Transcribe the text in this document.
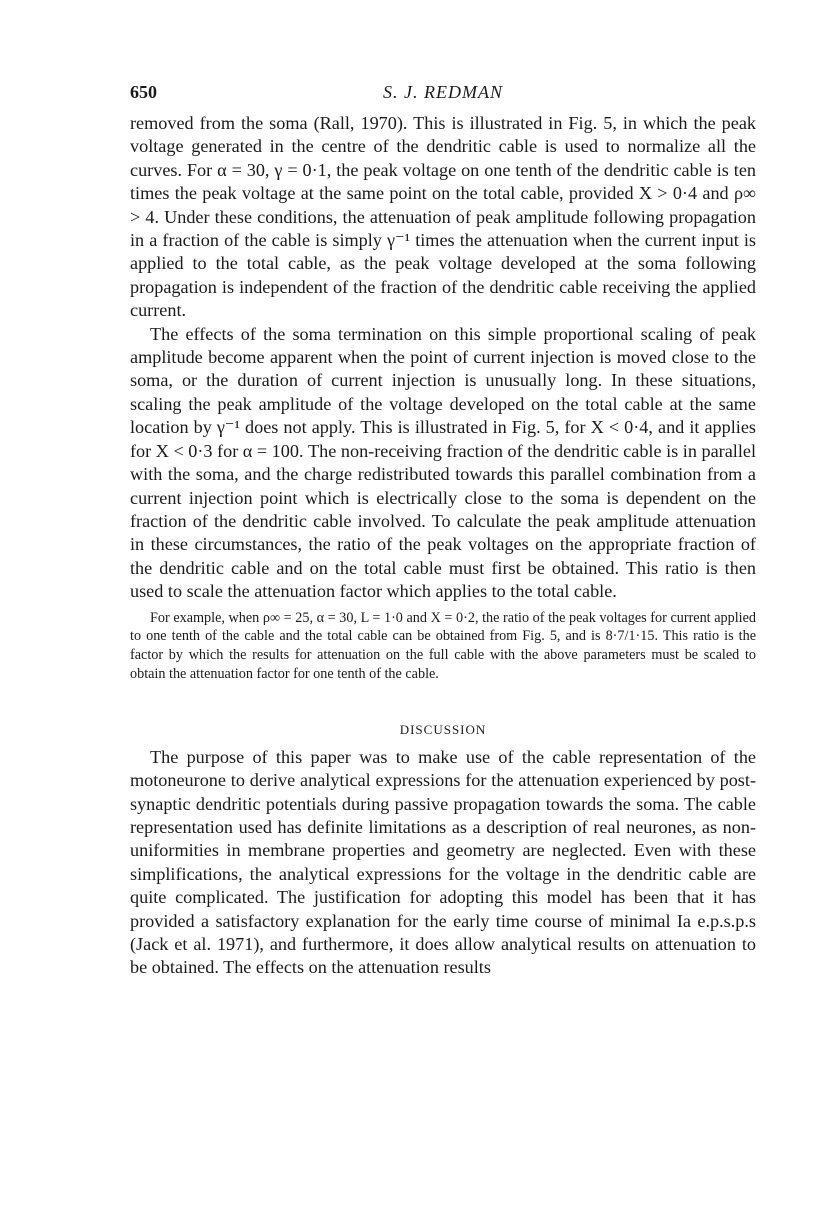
650	S. J. REDMAN

removed from the soma (Rall, 1970). This is illustrated in Fig. 5, in which the peak voltage generated in the centre of the dendritic cable is used to normalize all the curves. For α = 30, γ = 0·1, the peak voltage on one tenth of the dendritic cable is ten times the peak voltage at the same point on the total cable, provided X > 0·4 and ρ∞ > 4. Under these conditions, the attenuation of peak amplitude following propagation in a fraction of the cable is simply γ⁻¹ times the attenuation when the current input is applied to the total cable, as the peak voltage developed at the soma following propagation is independent of the fraction of the dendritic cable receiving the applied current.

The effects of the soma termination on this simple proportional scaling of peak amplitude become apparent when the point of current injection is moved close to the soma, or the duration of current injection is unusually long. In these situations, scaling the peak amplitude of the voltage developed on the total cable at the same location by γ⁻¹ does not apply. This is illustrated in Fig. 5, for X < 0·4, and it applies for X < 0·3 for α = 100. The non-receiving fraction of the dendritic cable is in parallel with the soma, and the charge redistributed towards this parallel combination from a current injection point which is electrically close to the soma is dependent on the fraction of the dendritic cable involved. To calculate the peak amplitude attenuation in these circumstances, the ratio of the peak voltages on the appropriate fraction of the dendritic cable and on the total cable must first be obtained. This ratio is then used to scale the attenuation factor which applies to the total cable.

For example, when ρ∞ = 25, α = 30, L = 1·0 and X = 0·2, the ratio of the peak voltages for current applied to one tenth of the cable and the total cable can be obtained from Fig. 5, and is 8·7/1·15. This ratio is the factor by which the results for attenuation on the full cable with the above parameters must be scaled to obtain the attenuation factor for one tenth of the cable.

DISCUSSION

The purpose of this paper was to make use of the cable representation of the motoneurone to derive analytical expressions for the attenuation experienced by post-synaptic dendritic potentials during passive propagation towards the soma. The cable representation used has definite limitations as a description of real neurones, as non-uniformities in membrane properties and geometry are neglected. Even with these simplifications, the analytical expressions for the voltage in the dendritic cable are quite complicated. The justification for adopting this model has been that it has provided a satisfactory explanation for the early time course of minimal Ia e.p.s.p.s (Jack et al. 1971), and furthermore, it does allow analytical results on attenuation to be obtained. The effects on the attenuation results
